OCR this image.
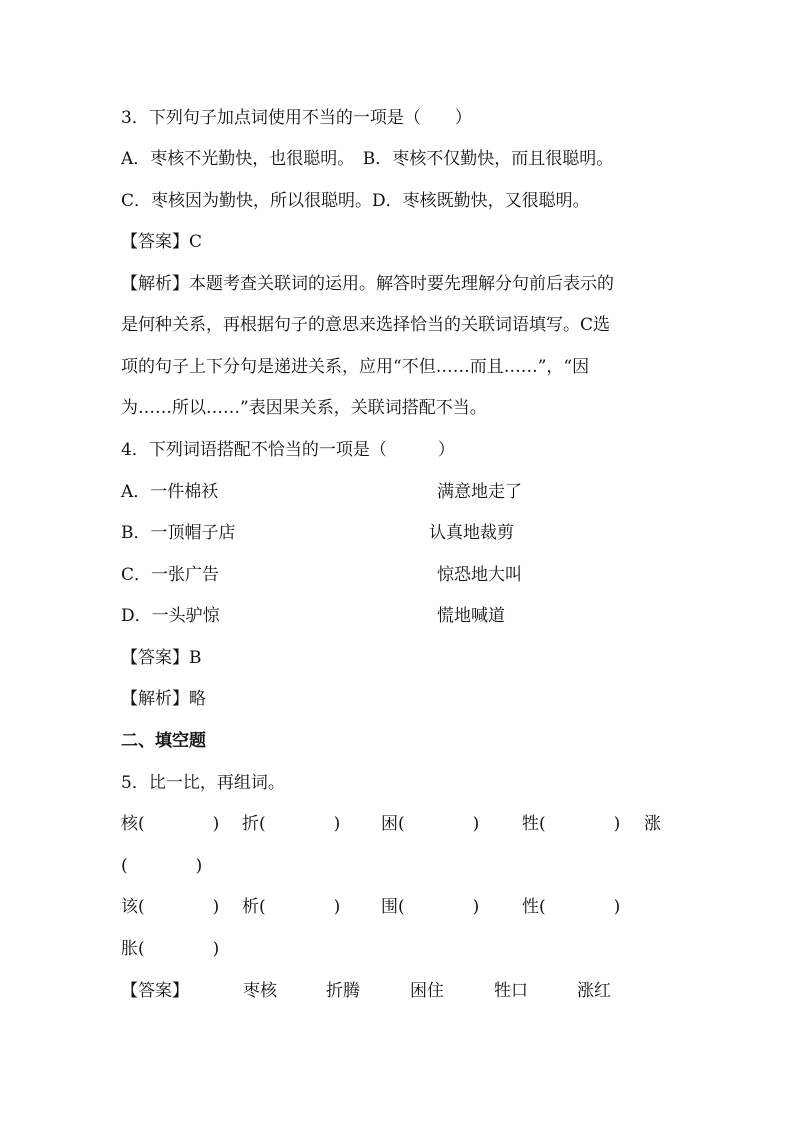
3．下列句子加点词使用不当的一项是（　　）
A．枣核不光勤快，也很聪明。　B．枣核不仅勤快，而且很聪明。
C．枣核因为勤快，所以很聪明。D．枣核既勤快，又很聪明。
【答案】C
【解析】本题考查关联词的运用。解答时要先理解分句前后表示的
是何种关系，再根据句子的意思来选择恰当的关联词语填写。C选
项的句子上下分句是递进关系，应用“不但……而且……”，“因
为……所以……”表因果关系，关联词搭配不当。
4．下列词语搭配不恰当的一项是（　　　）
A．一件棉袄	满意地走了
B．一顶帽子店	认真地裁剪
C．一张广告	惊恐地大叫
D．一头驴惊	慌地喊道
【答案】B
【解析】略
二、填空题
5．比一比，再组词。
核(　　　　) 折(　　　　) 困(　　　　)	牲(　　　　) 涨
(　　　　)
该(　　　　) 析(　　　　) 围(　　　　)	性(　　　　)
胀(　　　　)
【答案】	枣核	折腾	困住	牲口	涨红
